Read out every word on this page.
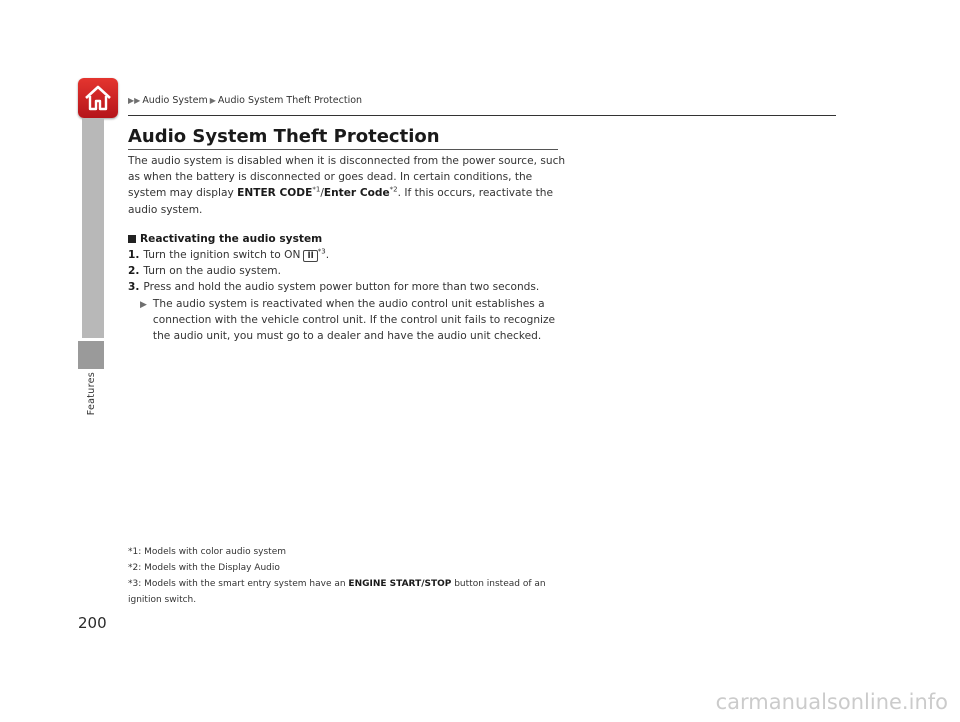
Features
▶▶ Audio System ▶ Audio System Theft Protection
Audio System Theft Protection

The audio system is disabled when it is disconnected from the power source, such as when the battery is disconnected or goes dead. In certain conditions, the system may display ENTER CODE$^{*1}$/Enter Code$^{*2}$. If this occurs, reactivate the audio system.

Reactivating the audio system
1. Turn the ignition switch to ON II $^{*3}$.
2. Turn on the audio system.
3. Press and hold the audio system power button for more than two seconds.
▶ The audio system is reactivated when the audio control unit establishes a connection with the vehicle control unit. If the control unit fails to recognize the audio unit, you must go to a dealer and have the audio unit checked.
*1: Models with color audio system
*2: Models with the Display Audio
*3: Models with the smart entry system have an ENGINE START/STOP button instead of an ignition switch.
200
carmanualsonline.info
